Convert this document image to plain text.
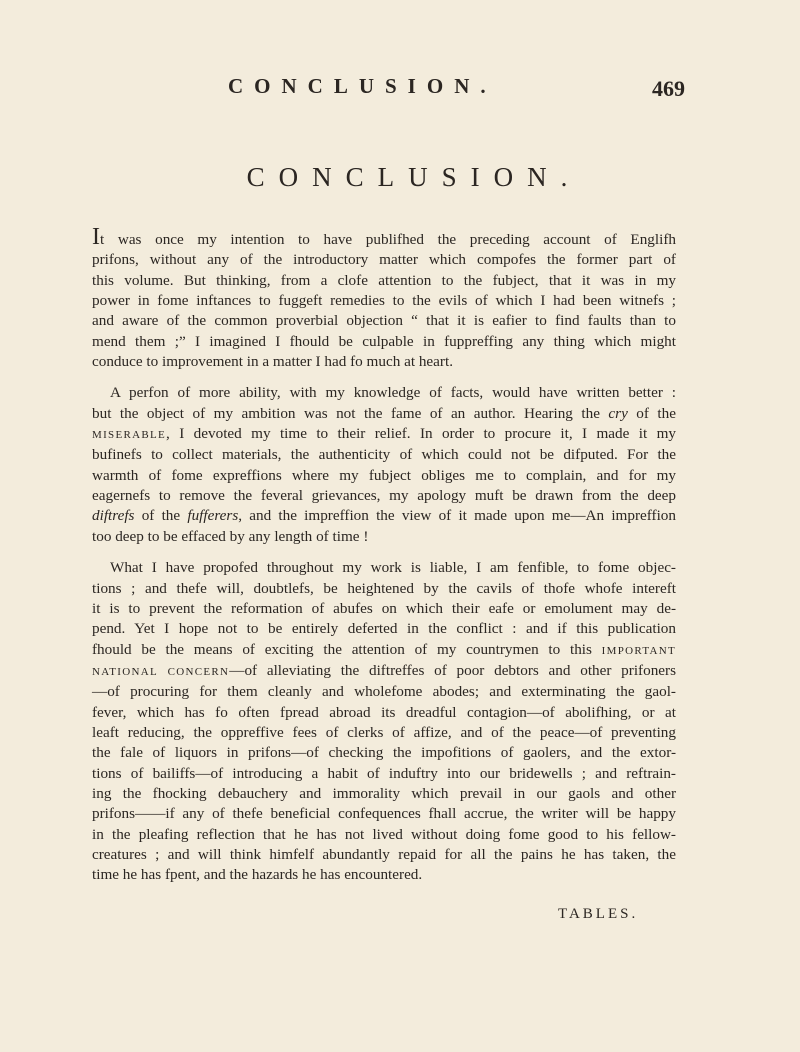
CONCLUSION.	469
CONCLUSION.
It was once my intention to have publifhed the preceding account of Englifh
prifons, without any of the introductory matter which compofes the former part of
this volume. But thinking, from a clofe attention to the fubject, that it was in my
power in fome inftances to fuggeft remedies to the evils of which I had been witnefs ;
and aware of the common proverbial objection “ that it is eafier to find faults than to
mend them ;” I imagined I fhould be culpable in fuppreffing any thing which might
conduce to improvement in a matter I had fo much at heart.
A perfon of more ability, with my knowledge of facts, would have written better :
but the object of my ambition was not the fame of an author. Hearing the cry of the
MISERABLE, I devoted my time to their relief. In order to procure it, I made it my
bufinefs to collect materials, the authenticity of which could not be difputed. For the
warmth of fome expreffions where my fubject obliges me to complain, and for my
eagernefs to remove the feveral grievances, my apology muft be drawn from the deep
diftrefs of the fufferers, and the impreffion the view of it made upon me—An impreffion
too deep to be effaced by any length of time !
What I have propofed throughout my work is liable, I am fenfible, to fome objec-
tions ; and thefe will, doubtlefs, be heightened by the cavils of thofe whofe intereft
it is to prevent the reformation of abufes on which their eafe or emolument may de-
pend. Yet I hope not to be entirely deferted in the conflict : and if this publication
fhould be the means of exciting the attention of my countrymen to this IMPORTANT
NATIONAL CONCERN—of alleviating the diftreffes of poor debtors and other prifoners
—of procuring for them cleanly and wholefome abodes; and exterminating the gaol-
fever, which has fo often fpread abroad its dreadful contagion—of abolifhing, or at
leaft reducing, the oppreffive fees of clerks of affize, and of the peace—of preventing
the fale of liquors in prifons—of checking the impofitions of gaolers, and the extor-
tions of bailiffs—of introducing a habit of induftry into our bridewells ; and reftrain-
ing the fhocking debauchery and immorality which prevail in our gaols and other
prifons——if any of thefe beneficial confequences fhall accrue, the writer will be happy
in the pleafing reflection that he has not lived without doing fome good to his fellow-
creatures ; and will think himfelf abundantly repaid for all the pains he has taken, the
time he has fpent, and the hazards he has encountered.
TABLES.
